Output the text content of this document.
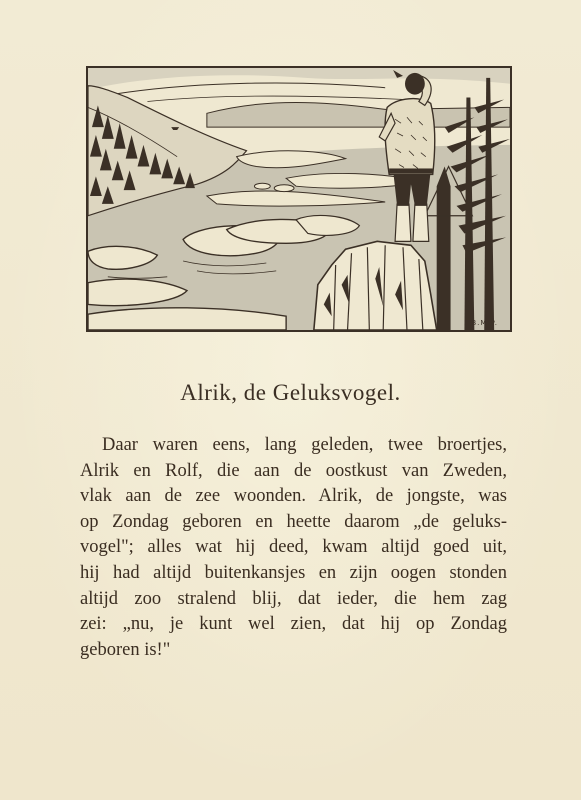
B.M.P.
Alrik, de Geluksvogel.

Daar waren eens, lang geleden, twee broertjes,
Alrik en Rolf, die aan de oostkust van Zweden,
vlak aan de zee woonden. Alrik, de jongste, was
op Zondag geboren en heette daarom „de geluks-
vogel"; alles wat hij deed, kwam altijd goed uit,
hij had altijd buitenkansjes en zijn oogen stonden
altijd zoo stralend blij, dat ieder, die hem zag
zei: „nu, je kunt wel zien, dat hij op Zondag
geboren is!"
